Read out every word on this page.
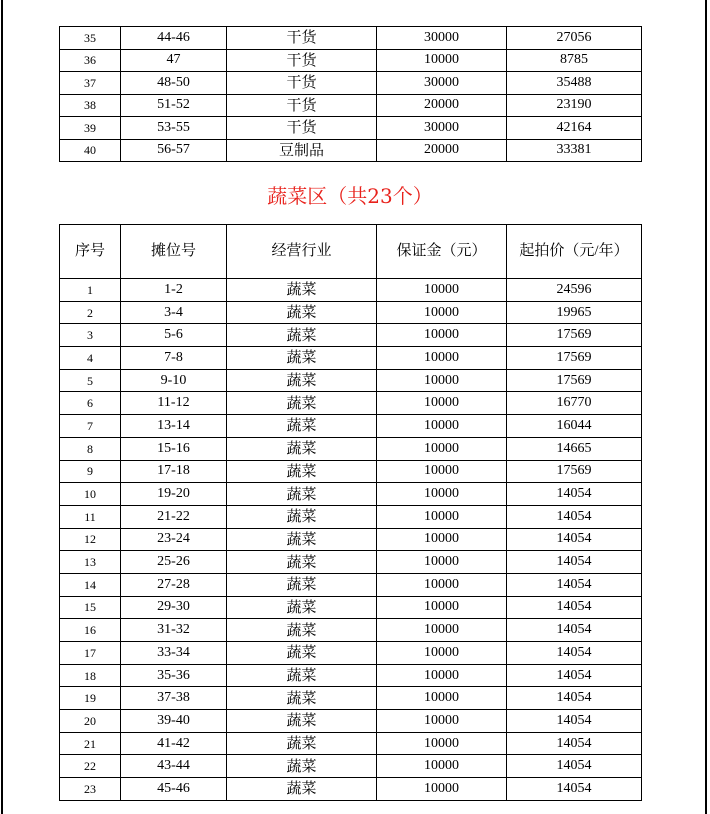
35	44-46	干货	30000	27056
36	47	干货	10000	8785
37	48-50	干货	30000	35488
38	51-52	干货	20000	23190
39	53-55	干货	30000	42164
40	56-57	豆制品	20000	33381
蔬菜区（共23个）
序号	摊位号	经营行业	保证金（元）	起拍价（元/年）
1	1-2	蔬菜	10000	24596
2	3-4	蔬菜	10000	19965
3	5-6	蔬菜	10000	17569
4	7-8	蔬菜	10000	17569
5	9-10	蔬菜	10000	17569
6	11-12	蔬菜	10000	16770
7	13-14	蔬菜	10000	16044
8	15-16	蔬菜	10000	14665
9	17-18	蔬菜	10000	17569
10	19-20	蔬菜	10000	14054
11	21-22	蔬菜	10000	14054
12	23-24	蔬菜	10000	14054
13	25-26	蔬菜	10000	14054
14	27-28	蔬菜	10000	14054
15	29-30	蔬菜	10000	14054
16	31-32	蔬菜	10000	14054
17	33-34	蔬菜	10000	14054
18	35-36	蔬菜	10000	14054
19	37-38	蔬菜	10000	14054
20	39-40	蔬菜	10000	14054
21	41-42	蔬菜	10000	14054
22	43-44	蔬菜	10000	14054
23	45-46	蔬菜	10000	14054
